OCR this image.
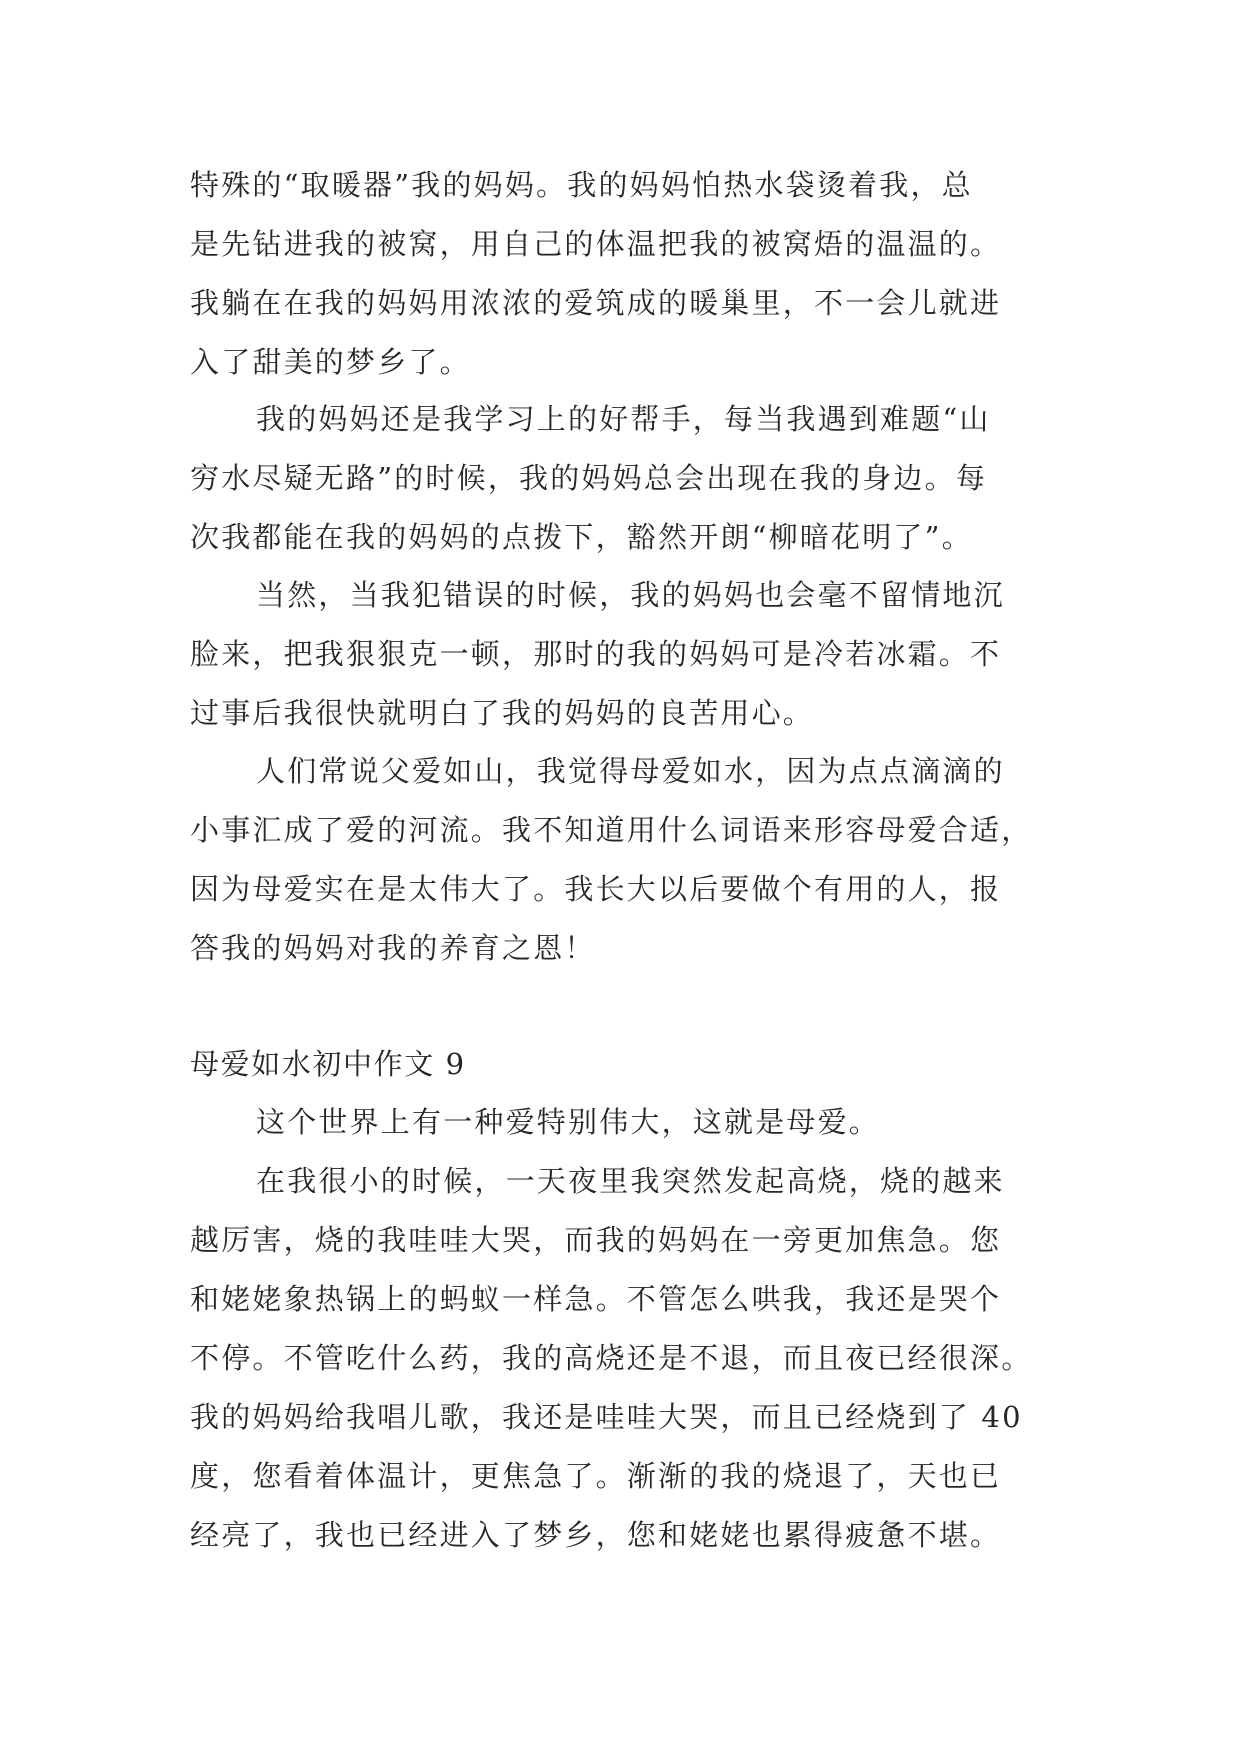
特殊的“取暖器”我的妈妈。我的妈妈怕热水袋烫着我，总
是先钻进我的被窝，用自己的体温把我的被窝焐的温温的。
我躺在在我的妈妈用浓浓的爱筑成的暖巢里，不一会儿就进
入了甜美的梦乡了。
我的妈妈还是我学习上的好帮手，每当我遇到难题“山
穷水尽疑无路”的时候，我的妈妈总会出现在我的身边。每
次我都能在我的妈妈的点拨下，豁然开朗“柳暗花明了”。
当然，当我犯错误的时候，我的妈妈也会毫不留情地沉
脸来，把我狠狠克一顿，那时的我的妈妈可是冷若冰霜。不
过事后我很快就明白了我的妈妈的良苦用心。
人们常说父爱如山，我觉得母爱如水，因为点点滴滴的
小事汇成了爱的河流。我不知道用什么词语来形容母爱合适，
因为母爱实在是太伟大了。我长大以后要做个有用的人，报
答我的妈妈对我的养育之恩！
母爱如水初中作文 9
这个世界上有一种爱特别伟大，这就是母爱。
在我很小的时候，一天夜里我突然发起高烧，烧的越来
越厉害，烧的我哇哇大哭，而我的妈妈在一旁更加焦急。您
和姥姥象热锅上的蚂蚁一样急。不管怎么哄我，我还是哭个
不停。不管吃什么药，我的高烧还是不退，而且夜已经很深。
我的妈妈给我唱儿歌，我还是哇哇大哭，而且已经烧到了 40
度，您看着体温计，更焦急了。渐渐的我的烧退了，天也已
经亮了，我也已经进入了梦乡，您和姥姥也累得疲惫不堪。
